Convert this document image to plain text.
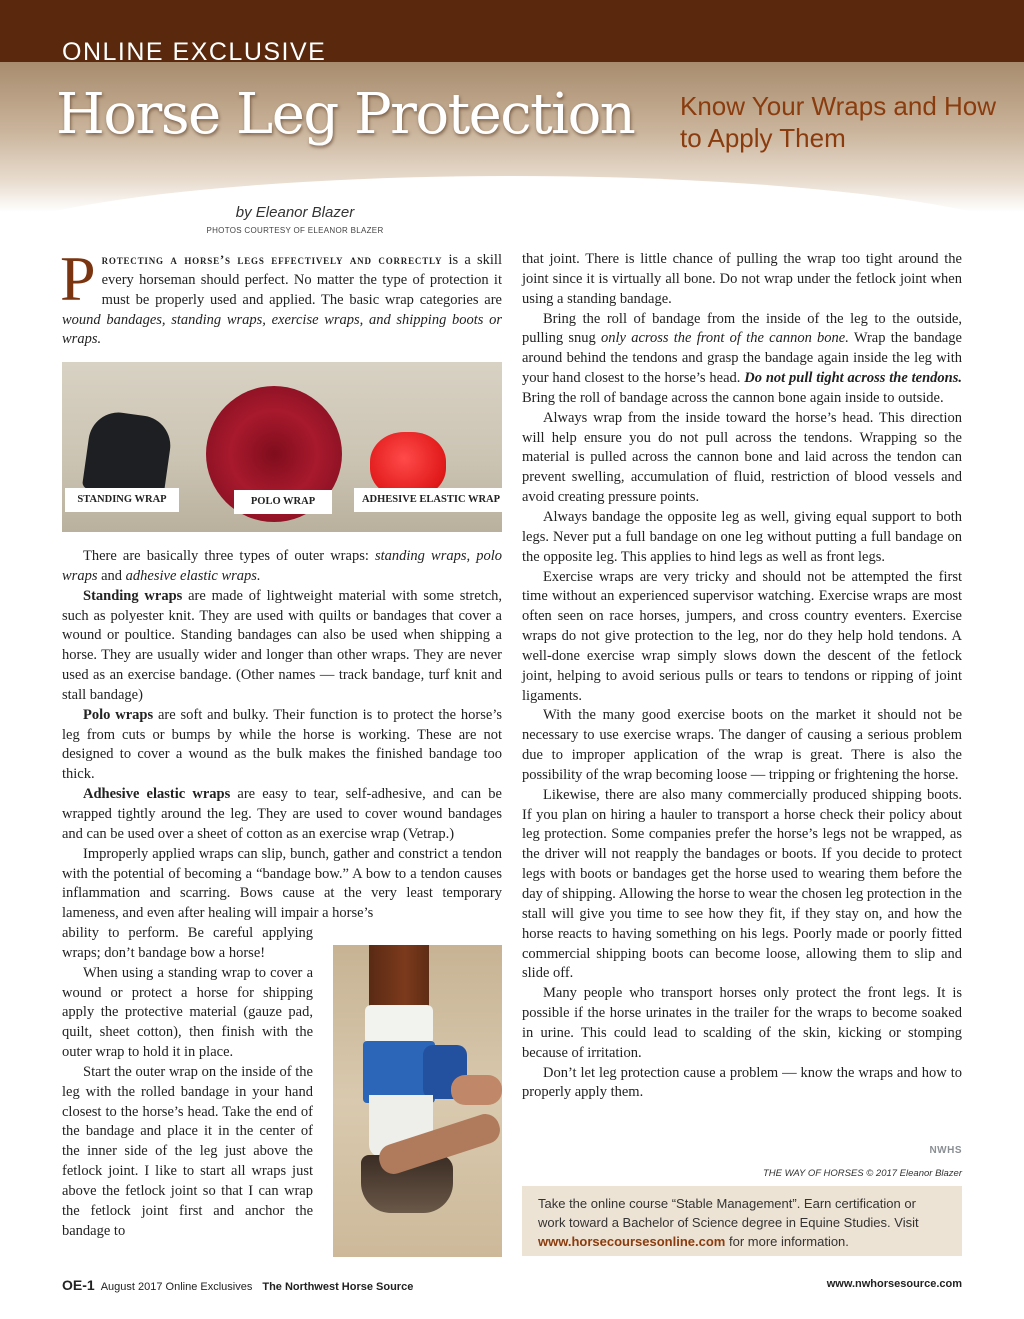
ONLINE EXCLUSIVE
Horse Leg Protection Know Your Wraps and How to Apply Them
by Eleanor Blazer
PHOTOS COURTESY OF ELEANOR BLAZER

Protecting a horse’s legs effectively and correctly is a skill every horseman should perfect. No matter the type of protection it must be properly used and applied. The basic wrap categories are wound bandages, standing wraps, exercise wraps, and shipping boots or wraps.

STANDING WRAP	POLO WRAP	ADHESIVE ELASTIC WRAP

There are basically three types of outer wraps: standing wraps, polo wraps and adhesive elastic wraps.

Standing wraps are made of lightweight material with some stretch, such as polyester knit. They are used with quilts or bandages that cover a wound or poultice. Standing bandages can also be used when shipping a horse. They are usually wider and longer than other wraps. They are never used as an exercise bandage. (Other names — track bandage, turf knit and stall bandage)

Polo wraps are soft and bulky. Their function is to protect the horse’s leg from cuts or bumps by while the horse is working. These are not designed to cover a wound as the bulk makes the finished bandage too thick.

Adhesive elastic wraps are easy to tear, self-adhesive, and can be wrapped tightly around the leg. They are used to cover wound bandages and can be used over a sheet of cotton as an exercise wrap (Vetrap.)

Improperly applied wraps can slip, bunch, gather and constrict a tendon with the potential of becoming a “bandage bow.” A bow to a tendon causes inflammation and scarring. Bows cause at the very least temporary lameness, and even after healing will impair a horse’s

ability to perform. Be careful applying wraps; don’t bandage bow a horse!

When using a standing wrap to cover a wound or protect a horse for shipping apply the protective material (gauze pad, quilt, sheet cotton), then finish with the outer wrap to hold it in place.

Start the outer wrap on the inside of the leg with the rolled bandage in your hand closest to the horse’s head. Take the end of the bandage and place it in the center of the inner side of the leg just above the fetlock joint. I like to start all wraps just above the fetlock joint so that I can wrap the fetlock joint first and anchor the bandage to

that joint. There is little chance of pulling the wrap too tight around the joint since it is virtually all bone. Do not wrap under the fetlock joint when using a standing bandage.

Bring the roll of bandage from the inside of the leg to the outside, pulling snug only across the front of the cannon bone. Wrap the bandage around behind the tendons and grasp the bandage again inside the leg with your hand closest to the horse’s head. Do not pull tight across the tendons. Bring the roll of bandage across the cannon bone again inside to outside.

Always wrap from the inside toward the horse’s head. This direction will help ensure you do not pull across the tendons. Wrapping so the material is pulled across the cannon bone and laid across the tendon can prevent swelling, accumulation of fluid, restriction of blood vessels and avoid creating pressure points.

Always bandage the opposite leg as well, giving equal support to both legs. Never put a full bandage on one leg without putting a full bandage on the opposite leg. This applies to hind legs as well as front legs.

Exercise wraps are very tricky and should not be attempted the first time without an experienced supervisor watching. Exercise wraps are most often seen on race horses, jumpers, and cross country eventers. Exercise wraps do not give protection to the leg, nor do they help hold tendons. A well-done exercise wrap simply slows down the descent of the fetlock joint, helping to avoid serious pulls or tears to tendons or ripping of joint ligaments.

With the many good exercise boots on the market it should not be necessary to use exercise wraps. The danger of causing a serious problem due to improper application of the wrap is great. There is also the possibility of the wrap becoming loose — tripping or frightening the horse.

Likewise, there are also many commercially produced shipping boots. If you plan on hiring a hauler to transport a horse check their policy about leg protection. Some companies prefer the horse’s legs not be wrapped, as the driver will not reapply the bandages or boots. If you decide to protect legs with boots or bandages get the horse used to wearing them before the day of shipping. Allowing the horse to wear the chosen leg protection in the stall will give you time to see how they fit, if they stay on, and how the horse reacts to having something on his legs. Poorly made or poorly fitted commercial shipping boots can become loose, allowing them to slip and slide off.

Many people who transport horses only protect the front legs. It is possible if the horse urinates in the trailer for the wraps to become soaked in urine. This could lead to scalding of the skin, kicking or stomping because of irritation.

Don’t let leg protection cause a problem — know the wraps and how to properly apply them.

NWHS
THE WAY OF HORSES © 2017 Eleanor Blazer
Take the online course “Stable Management”. Earn certification or work toward a Bachelor of Science degree in Equine Studies. Visit www.horsecoursesonline.com for more information.
OE-1 August 2017 Online Exclusives The Northwest Horse Source	www.nwhorsesource.com
